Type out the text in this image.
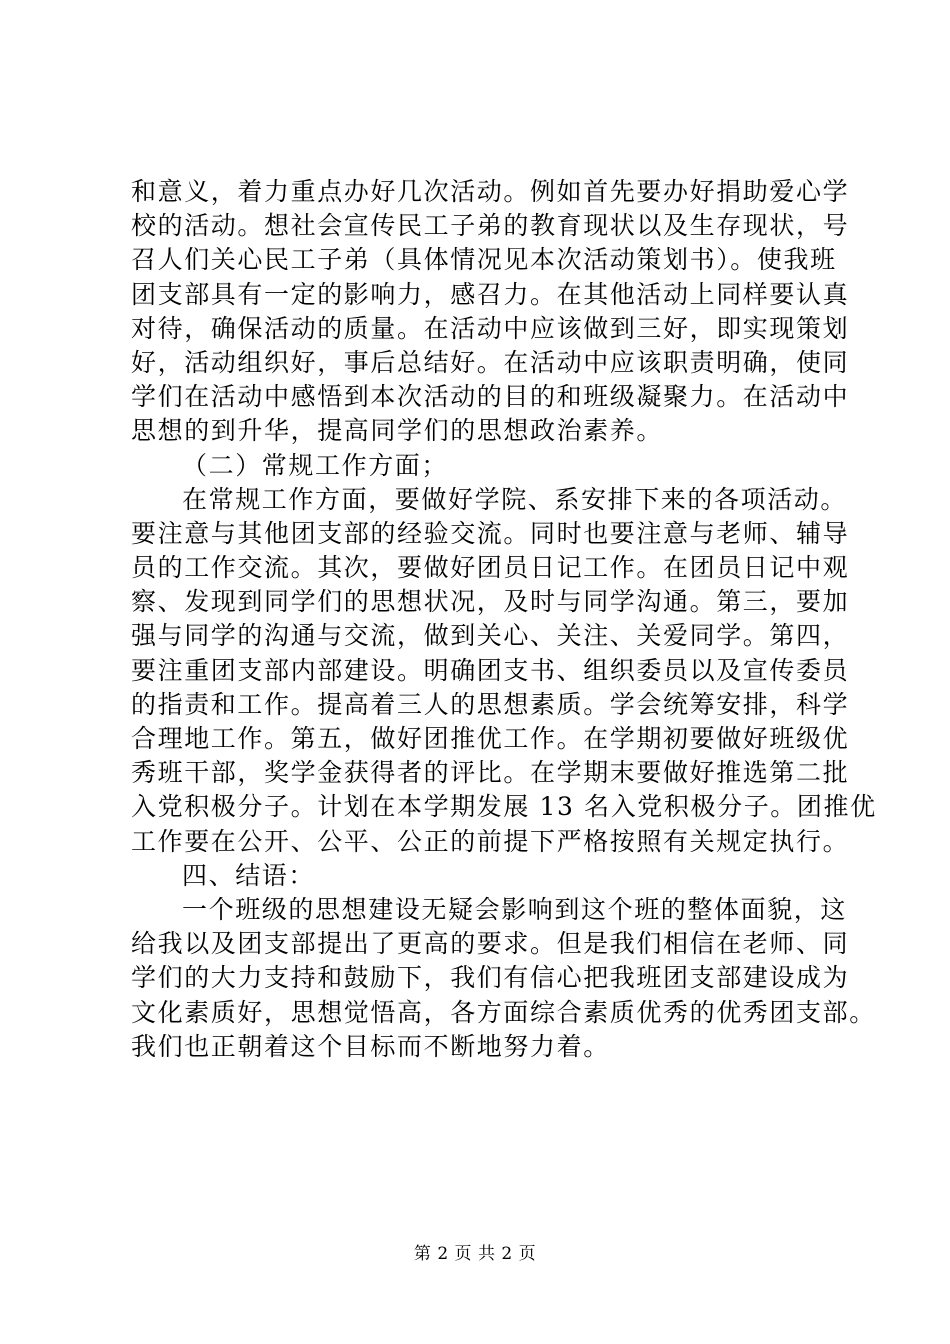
和意义，着力重点办好几次活动。例如首先要办好捐助爱心学
校的活动。想社会宣传民工子弟的教育现状以及生存现状，号
召人们关心民工子弟（具体情况见本次活动策划书）。使我班
团支部具有一定的影响力，感召力。在其他活动上同样要认真
对待，确保活动的质量。在活动中应该做到三好，即实现策划
好，活动组织好，事后总结好。在活动中应该职责明确，使同
学们在活动中感悟到本次活动的目的和班级凝聚力。在活动中
思想的到升华，提高同学们的思想政治素养。
（二）常规工作方面；
在常规工作方面，要做好学院、系安排下来的各项活动。
要注意与其他团支部的经验交流。同时也要注意与老师、辅导
员的工作交流。其次，要做好团员日记工作。在团员日记中观
察、发现到同学们的思想状况，及时与同学沟通。第三，要加
强与同学的沟通与交流，做到关心、关注、关爱同学。第四，
要注重团支部内部建设。明确团支书、组织委员以及宣传委员
的指责和工作。提高着三人的思想素质。学会统筹安排，科学
合理地工作。第五，做好团推优工作。在学期初要做好班级优
秀班干部，奖学金获得者的评比。在学期末要做好推选第二批
入党积极分子。计划在本学期发展 13 名入党积极分子。团推优
工作要在公开、公平、公正的前提下严格按照有关规定执行。
四、结语：
一个班级的思想建设无疑会影响到这个班的整体面貌，这
给我以及团支部提出了更高的要求。但是我们相信在老师、同
学们的大力支持和鼓励下，我们有信心把我班团支部建设成为
文化素质好，思想觉悟高，各方面综合素质优秀的优秀团支部。
我们也正朝着这个目标而不断地努力着。
第 2 页 共 2 页
